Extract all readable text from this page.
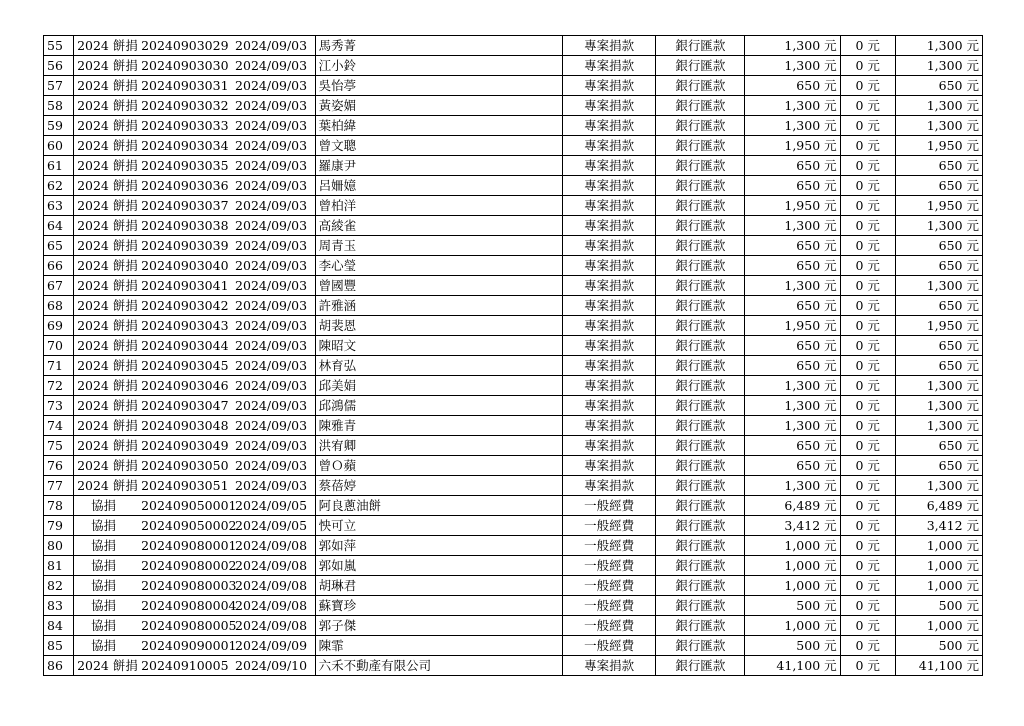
55	2024 餅捐 20240903029 2024/09/03	馬秀菁	專案捐款	銀行匯款	1,300 元	0 元	1,300 元
56	2024 餅捐 20240903030 2024/09/03	江小鈴	專案捐款	銀行匯款	1,300 元	0 元	1,300 元
57	2024 餅捐 20240903031 2024/09/03	吳怡葶	專案捐款	銀行匯款	650 元	0 元	650 元
58	2024 餅捐 20240903032 2024/09/03	黃姿媚	專案捐款	銀行匯款	1,300 元	0 元	1,300 元
59	2024 餅捐 20240903033 2024/09/03	葉柏緯	專案捐款	銀行匯款	1,300 元	0 元	1,300 元
60	2024 餅捐 20240903034 2024/09/03	曾文聰	專案捐款	銀行匯款	1,950 元	0 元	1,950 元
61	2024 餅捐 20240903035 2024/09/03	羅康尹	專案捐款	銀行匯款	650 元	0 元	650 元
62	2024 餅捐 20240903036 2024/09/03	呂姍嬑	專案捐款	銀行匯款	650 元	0 元	650 元
63	2024 餅捐 20240903037 2024/09/03	曾柏洋	專案捐款	銀行匯款	1,950 元	0 元	1,950 元
64	2024 餅捐 20240903038 2024/09/03	高綾雀	專案捐款	銀行匯款	1,300 元	0 元	1,300 元
65	2024 餅捐 20240903039 2024/09/03	周青玉	專案捐款	銀行匯款	650 元	0 元	650 元
66	2024 餅捐 20240903040 2024/09/03	李心瑩	專案捐款	銀行匯款	650 元	0 元	650 元
67	2024 餅捐 20240903041 2024/09/03	曾國豐	專案捐款	銀行匯款	1,300 元	0 元	1,300 元
68	2024 餅捐 20240903042 2024/09/03	許雅涵	專案捐款	銀行匯款	650 元	0 元	650 元
69	2024 餅捐 20240903043 2024/09/03	胡裴恩	專案捐款	銀行匯款	1,950 元	0 元	1,950 元
70	2024 餅捐 20240903044 2024/09/03	陳昭文	專案捐款	銀行匯款	650 元	0 元	650 元
71	2024 餅捐 20240903045 2024/09/03	林育弘	專案捐款	銀行匯款	650 元	0 元	650 元
72	2024 餅捐 20240903046 2024/09/03	邱美娟	專案捐款	銀行匯款	1,300 元	0 元	1,300 元
73	2024 餅捐 20240903047 2024/09/03	邱鴻儒	專案捐款	銀行匯款	1,300 元	0 元	1,300 元
74	2024 餅捐 20240903048 2024/09/03	陳雅青	專案捐款	銀行匯款	1,300 元	0 元	1,300 元
75	2024 餅捐 20240903049 2024/09/03	洪宥卿	專案捐款	銀行匯款	650 元	0 元	650 元
76	2024 餅捐 20240903050 2024/09/03	曾Ｏ蘋	專案捐款	銀行匯款	650 元	0 元	650 元
77	2024 餅捐 20240903051 2024/09/03	蔡蓓婷	專案捐款	銀行匯款	1,300 元	0 元	1,300 元
78	協捐 202409050001 2024/09/05	阿良蔥油餅	一般經費	銀行匯款	6,489 元	0 元	6,489 元
79	協捐 202409050002 2024/09/05	怏可立	一般經費	銀行匯款	3,412 元	0 元	3,412 元
80	協捐 202409080001 2024/09/08	郭如萍	一般經費	銀行匯款	1,000 元	0 元	1,000 元
81	協捐 202409080002 2024/09/08	郭如嵐	一般經費	銀行匯款	1,000 元	0 元	1,000 元
82	協捐 202409080003 2024/09/08	胡琳君	一般經費	銀行匯款	1,000 元	0 元	1,000 元
83	協捐 202409080004 2024/09/08	蘇寶珍	一般經費	銀行匯款	500 元	0 元	500 元
84	協捐 202409080005 2024/09/08	郭子傑	一般經費	銀行匯款	1,000 元	0 元	1,000 元
85	協捐 202409090001 2024/09/09	陳霏	一般經費	銀行匯款	500 元	0 元	500 元
86	2024 餅捐 20240910005 2024/09/10	六禾不動產有限公司	專案捐款	銀行匯款	41,100 元	0 元	41,100 元
